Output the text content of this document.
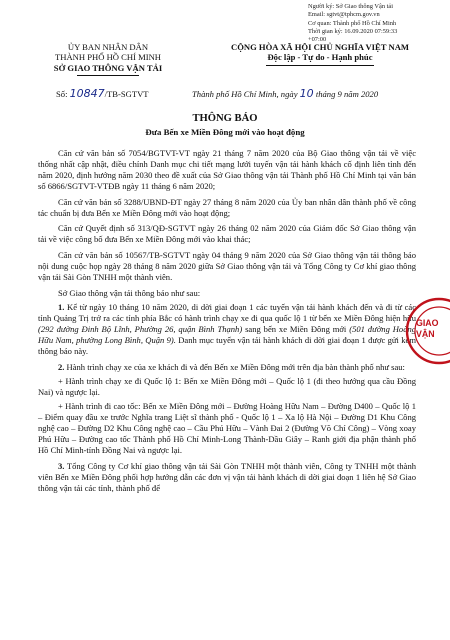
Người ký: Sở Giao thông Vận tải
Email: sgtvt@tphcm.gov.vn
Cơ quan: Thành phố Hồ Chí Minh
Thời gian ký: 16.09.2020 07:59:33
+07:00
ỦY BAN NHÂN DÂN
THÀNH PHỐ HỒ CHÍ MINH
SỞ GIAO THÔNG VẬN TẢI
CỘNG HÒA XÃ HỘI CHỦ NGHĨA VIỆT NAM
Độc lập - Tự do - Hạnh phúc
Số: 10847/TB-SGTVT	Thành phố Hồ Chí Minh, ngày 10 tháng 9 năm 2020
THÔNG BÁO
Đưa Bến xe Miền Đông mới vào hoạt động

Căn cứ văn bản số 7054/BGTVT-VT ngày 21 tháng 7 năm 2020 của Bộ Giao thông vận tải về việc thống nhất cập nhật, điều chỉnh Danh mục chi tiết mạng lưới tuyến vận tải hành khách cố định liên tỉnh đến năm 2020, định hướng năm 2030 theo đề xuất của Sở Giao thông vận tải Thành phố Hồ Chí Minh tại văn bản số 6866/SGTVT-VTĐB ngày 11 tháng 6 năm 2020;

Căn cứ văn bản số 3288/UBND-ĐT ngày 27 tháng 8 năm 2020 của Ủy ban nhân dân thành phố về công tác chuẩn bị đưa Bến xe Miền Đông mới vào hoạt động;

Căn cứ Quyết định số 313/QĐ-SGTVT ngày 26 tháng 02 năm 2020 của Giám đốc Sở Giao thông vận tải về việc công bố đưa Bến xe Miền Đông mới vào khai thác;

Căn cứ văn bản số 10567/TB-SGTVT ngày 04 tháng 9 năm 2020 của Sở Giao thông vận tải thông báo nội dung cuộc họp ngày 28 tháng 8 năm 2020 giữa Sở Giao thông vận tải và Tổng Công ty Cơ khí giao thông vận tải Sài Gòn TNHH một thành viên.

Sở Giao thông vận tải thông báo như sau:

1. Kể từ ngày 10 tháng 10 năm 2020, di dời giai đoạn 1 các tuyến vận tải hành khách đến và đi từ các tỉnh Quảng Trị trở ra các tỉnh phía Bắc có hành trình chạy xe đi qua quốc lộ 1 từ bến xe Miền Đông hiện hữu (292 đường Đinh Bộ Lĩnh, Phường 26, quận Bình Thạnh) sang bến xe Miền Đông mới (501 đường Hoàng Hữu Nam, phường Long Bình, Quận 9). Danh mục tuyến vận tải hành khách di dời giai đoạn 1 được gửi kèm thông báo này.

2. Hành trình chạy xe của xe khách đi và đến Bến xe Miền Đông mới trên địa bàn thành phố như sau:

+ Hành trình chạy xe đi Quốc lộ 1: Bến xe Miền Đông mới – Quốc lộ 1 (đi theo hướng qua cầu Đồng Nai) và ngược lại.

+ Hành trình đi cao tốc: Bến xe Miền Đông mới – Đường Hoàng Hữu Nam – Đường D400 – Quốc lộ 1 – Điểm quay đầu xe trước Nghĩa trang Liệt sĩ thành phố - Quốc lộ 1 – Xa lộ Hà Nội – Đường D1 Khu Công nghệ cao – Đường D2 Khu Công nghệ cao – Cầu Phú Hữu – Vành Đai 2 (Đường Võ Chí Công) – Vòng xoay Phú Hữu – Đường cao tốc Thành phố Hồ Chí Minh-Long Thành-Dầu Giây – Ranh giới địa phận thành phố Hồ Chí Minh-tỉnh Đồng Nai và ngược lại.

3. Tổng Công ty Cơ khí giao thông vận tải Sài Gòn TNHH một thành viên, Công ty TNHH một thành viên Bến xe Miền Đông phối hợp hướng dẫn các đơn vị vận tải hành khách di dời giai đoạn 1 liên hệ Sở Giao thông vận tải các tỉnh, thành phố để

GIAO
VẬN
